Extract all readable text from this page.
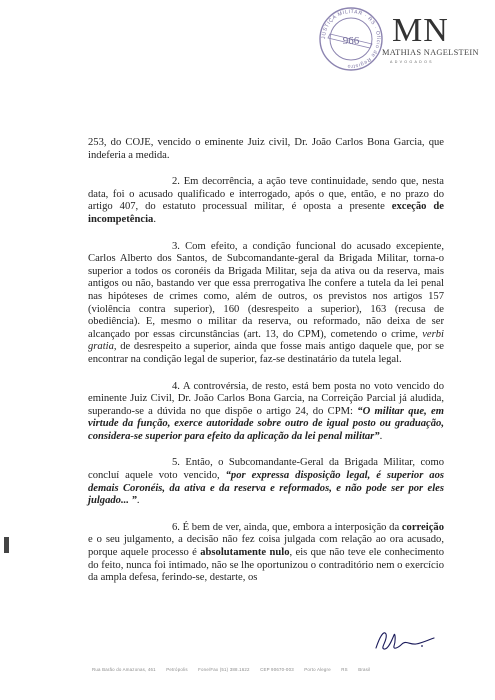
JUSTIÇA MILITAR · RS · Ofício de Registro
966 MN
MATHIAS NAGELSTEIN
ADVOGADOS

253, do COJE, vencido o eminente Juiz civil, Dr. João Carlos Bona Garcia, que indeferia a medida.

2. Em decorrência, a ação teve continuidade, sendo que, nesta data, foi o acusado qualificado e interrogado, após o que, então, e no prazo do artigo 407, do estatuto processual militar, é oposta a presente exceção de incompetência.

3. Com efeito, a condição funcional do acusado excepiente, Carlos Alberto dos Santos, de Subcomandante-geral da Brigada Militar, torna-o superior a todos os coronéis da Brigada Militar, seja da ativa ou da reserva, mais antigos ou não, bastando ver que essa prerrogativa lhe confere a tutela da lei penal nas hipóteses de crimes como, além de outros, os previstos nos artigos 157 (violência contra superior), 160 (desrespeito a superior), 163 (recusa de obediência). E, mesmo o militar da reserva, ou reformado, não deixa de ser alcançado por essas circunstâncias (art. 13, do CPM), cometendo o crime, verbi gratia, de desrespeito a superior, ainda que fosse mais antigo daquele que, por se encontrar na condição legal de superior, faz-se destinatário da tutela legal.

4. A controvérsia, de resto, está bem posta no voto vencido do eminente Juiz Civil, Dr. João Carlos Bona Garcia, na Correição Parcial já aludida, superando-se a dúvida no que dispõe o artigo 24, do CPM: “O militar que, em virtude da função, exerce autoridade sobre outro de igual posto ou graduação, considera-se superior para efeito da aplicação da lei penal militar”.

5. Então, o Subcomandante-Geral da Brigada Militar, como concluí aquele voto vencido, “por expressa disposição legal, é superior aos demais Coronéis, da ativa e da reserva e reformados, e não pode ser por eles julgado... ”.

6. É bem de ver, ainda, que, embora a interposição da correição e o seu julgamento, a decisão não fez coisa julgada com relação ao ora acusado, porque aquele processo é absolutamente nulo, eis que não teve ele conhecimento do feito, nunca foi intimado, não se lhe oportunizou o contraditório nem o exercício da ampla defesa, ferindo-se, destarte, os

Rua Barão do Amazonas, 461 Petrópolis Fone/Fax (51) 388.1622 CEP 90670-003 Porto Alegre RS Brasil
